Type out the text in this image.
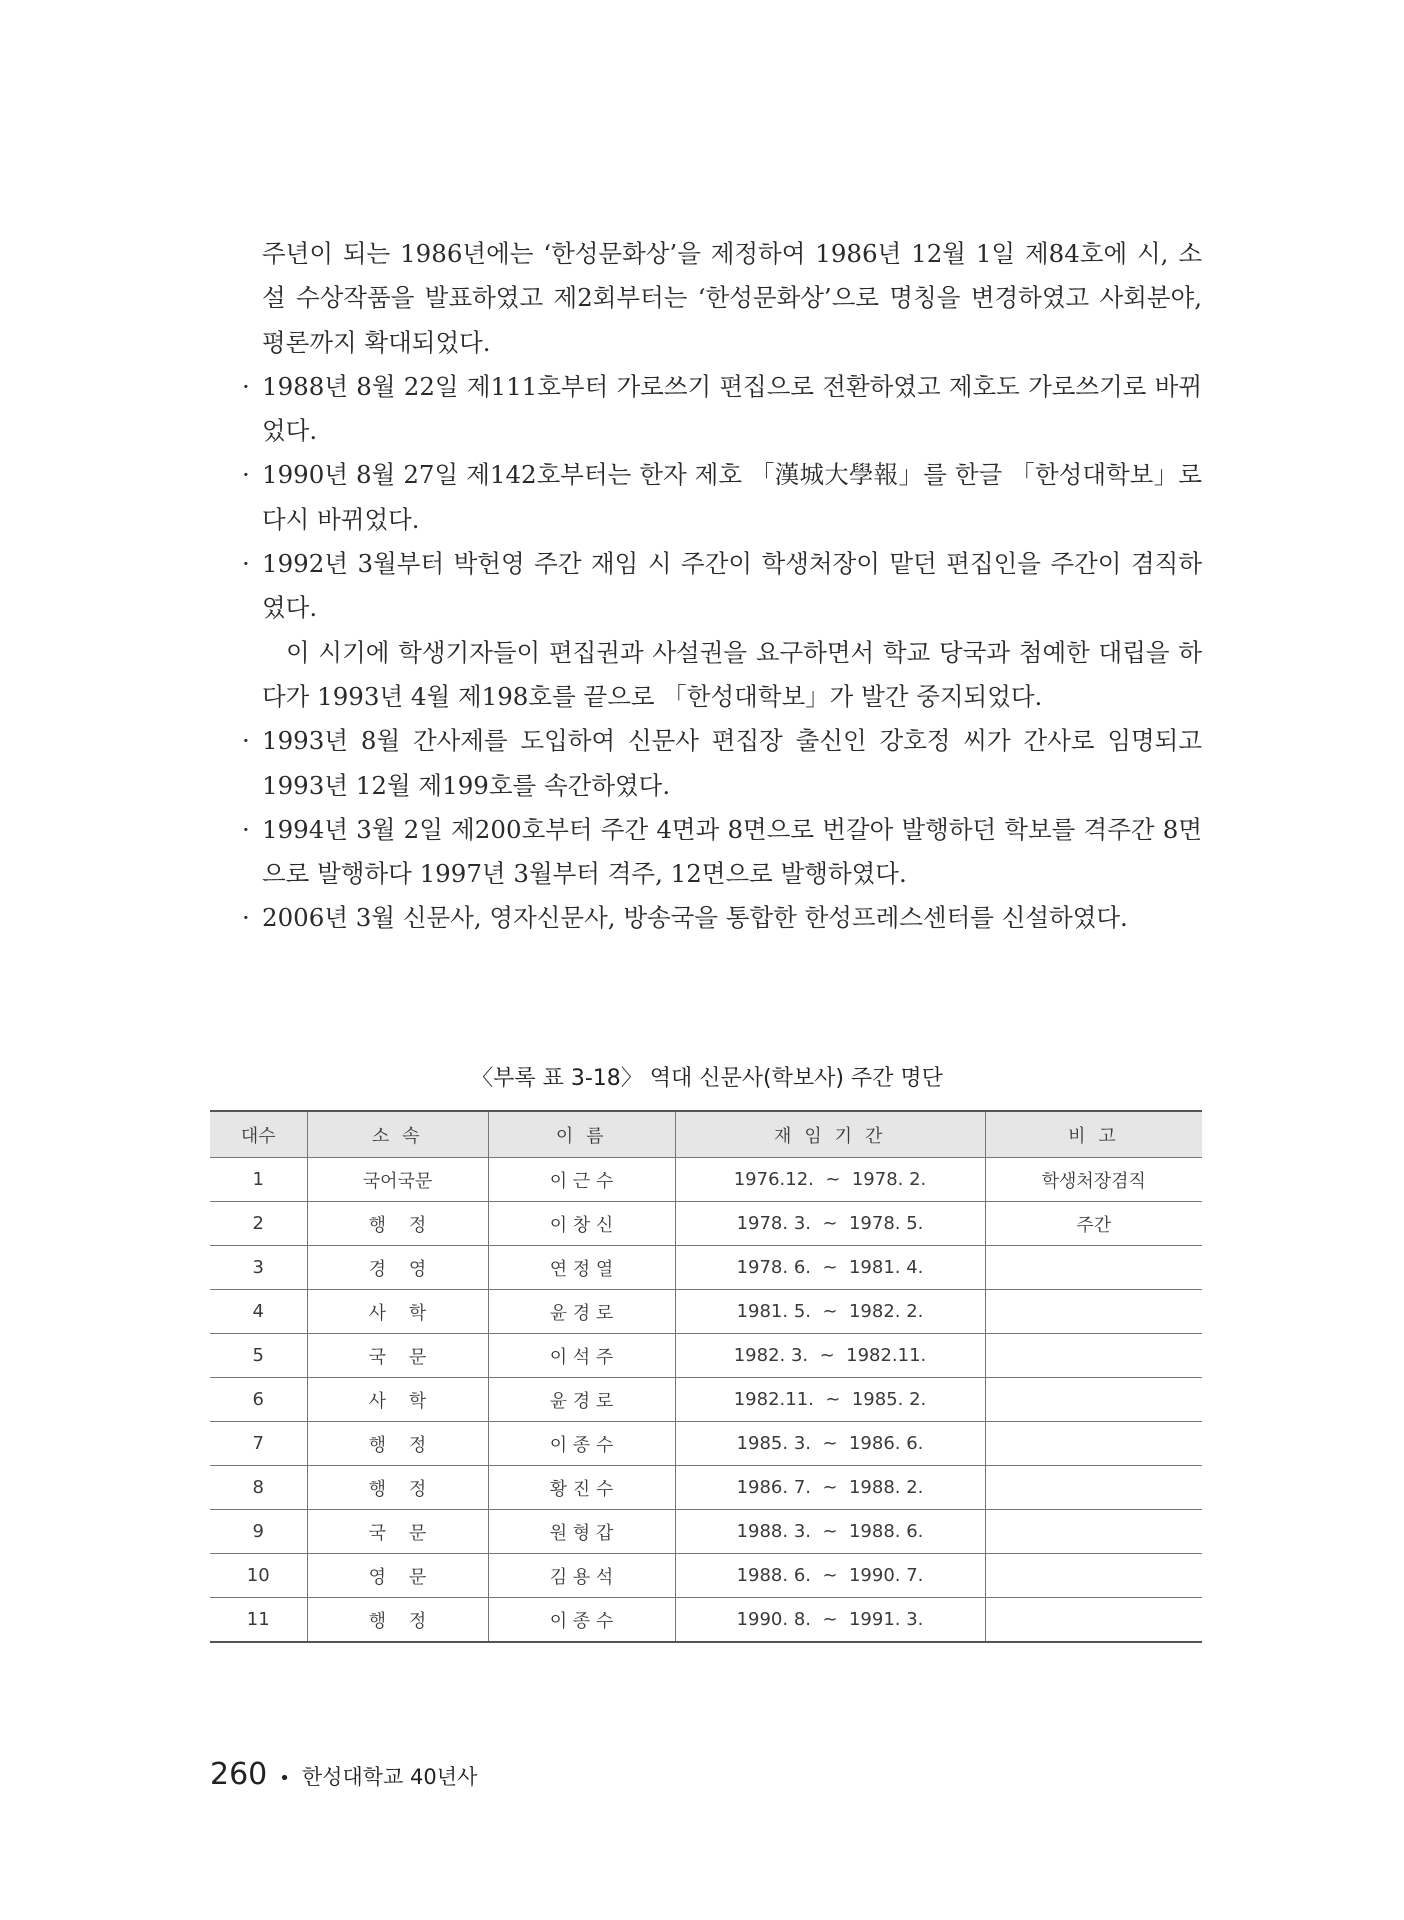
주년이 되는 1986년에는 ‘한성문화상’을 제정하여 1986년 12월 1일 제84호에 시, 소설 수상작품을 발표하였고 제2회부터는 ‘한성문화상’으로 명칭을 변경하였고 사회분야, 평론까지 확대되었다.

· 1988년 8월 22일 제111호부터 가로쓰기 편집으로 전환하였고 제호도 가로쓰기로 바뀌었다.

· 1990년 8월 27일 제142호부터는 한자 제호 「漢城大學報」를 한글 「한성대학보」로 다시 바뀌었다.

· 1992년 3월부터 박헌영 주간 재임 시 주간이 학생처장이 맡던 편집인을 주간이 겸직하였다.

이 시기에 학생기자들이 편집권과 사설권을 요구하면서 학교 당국과 첨예한 대립을 하다가 1993년 4월 제198호를 끝으로 「한성대학보」가 발간 중지되었다.

· 1993년 8월 간사제를 도입하여 신문사 편집장 출신인 강호정 씨가 간사로 임명되고 1993년 12월 제199호를 속간하였다.

· 1994년 3월 2일 제200호부터 주간 4면과 8면으로 번갈아 발행하던 학보를 격주간 8면으로 발행하다 1997년 3월부터 격주, 12면으로 발행하였다.

· 2006년 3월 신문사, 영자신문사, 방송국을 통합한 한성프레스센터를 신설하였다.

〈부록 표 3-18〉 역대 신문사(학보사) 주간 명단
대수	소 속	이 름	재 임 기 간	비 고
1	국어국문	이 근 수	1976.12.  ~  1978. 2.	학생처장겸직
2	행    정	이 창 신	1978. 3.  ~  1978. 5.	주간
3	경    영	연 정 열	1978. 6.  ~  1981. 4.	
4	사    학	윤 경 로	1981. 5.  ~  1982. 2.	
5	국    문	이 석 주	1982. 3.  ~  1982.11.	
6	사    학	윤 경 로	1982.11.  ~  1985. 2.	
7	행    정	이 종 수	1985. 3.  ~  1986. 6.	
8	행    정	황 진 수	1986. 7.  ~  1988. 2.	
9	국    문	원 형 갑	1988. 3.  ~  1988. 6.	
10	영    문	김 용 석	1988. 6.  ~  1990. 7.	
11	행    정	이 종 수	1990. 8.  ~  1991. 3.	
260 • 한성대학교 40년사
